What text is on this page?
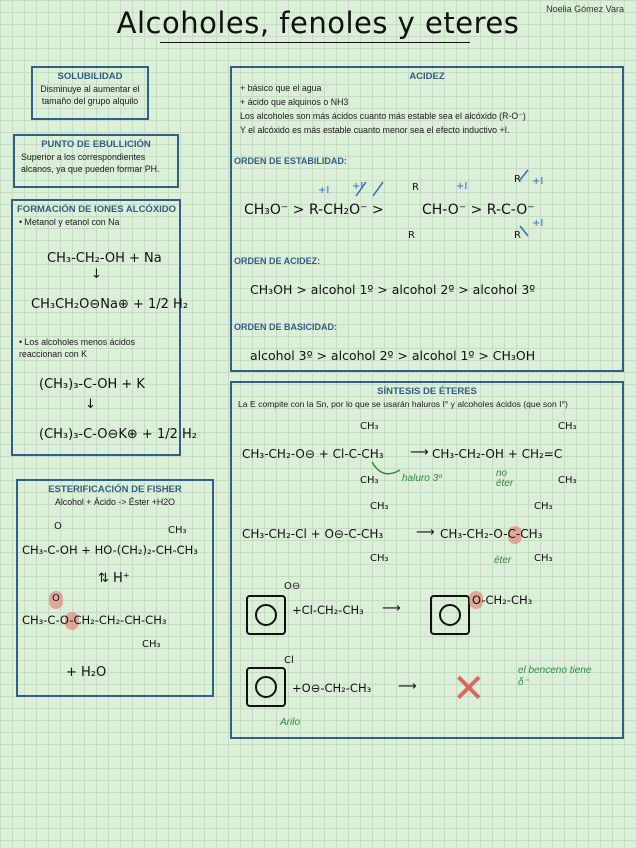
Noelia Gómez Vara
Alcoholes, fenoles y eteres
SOLUBILIDAD
Disminuye al aumentar el tamaño del grupo alquilo
PUNTO DE EBULLICIÓN
Superior a los correspondientes alcanos, ya que pueden formar PH.
FORMACIÓN DE IONES ALCÓXIDO
• Metanol y etanol con Na
CH₃-CH₂-OH + Na
↓
CH₃CH₂O⊖Na⊕ + 1/2 H₂
• Los alcoholes menos ácidos reaccionan con K
(CH₃)₃-C-OH + K
↓
(CH₃)₃-C-O⊖K⊕ + 1/2 H₂
ESTERIFICACIÓN DE FISHER
Alcohol + Ácido -> Éster +H2O
O	CH₃
CH₃-C-OH + HO-(CH₂)₂-CH-CH₃
⇅ H⁺
O
CH₃-C-O-CH₂-CH₂-CH-CH₃
CH₃
+ H₂O
ACIDEZ
+ básico que el agua
+ ácido que alquinos o NH3
Los alcoholes son más ácidos cuanto más estable sea el alcóxido (R-O⁻)
Y el alcóxido es más estable cuanto menor sea el efecto inductivo +I.
ORDEN DE ESTABILIDAD:
CH₃O⁻ > R-CH₂O⁻ >	CH-O⁻ > R-C-O⁻
+I +I	+I	+I
+I
R
R
R
R
ORDEN DE ACIDEZ:
CH₃OH > alcohol 1º > alcohol 2º > alcohol 3º
ORDEN DE BASICIDAD:
alcohol 3º > alcohol 2º > alcohol 1º > CH₃OH
SÍNTESIS DE ÉTERES
La E compite con la Sn, por lo que se usarán haluros I° y alcoholes ácidos (que son I°)
CH₃	CH₃
CH₃-CH₂-O⊖ + Cl-C-CH₃ ⟶ CH₃-CH₂-OH + CH₂=C
CH₃	CH₃
haluro 3º	no éter
CH₃	CH₃
CH₃-CH₂-Cl + O⊖-C-CH₃	⟶ CH₃-CH₂-O-C-CH₃
CH₃	CH₃
éter
O⊖
+Cl-CH₂-CH₃ ⟶
O-CH₂-CH₃
Cl
+O⊖-CH₂-CH₃ ⟶
Arilo
✕	el benceno tiene δ⁻
